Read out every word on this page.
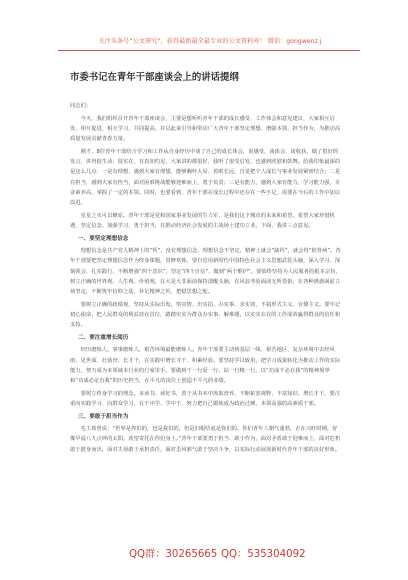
关注头条号“公文研究”，获得最新最全最专业的公文资料库！ 微信：gongwenz j
市委书记在青年干部座谈会上的讲话提纲

同志们：

今天，我们组织召开青年干部座谈会，主要是想听听青年干部的成长感受、工作体会和意见建议，大家相互启发、相互促进、相互学习、共同提高，并以此来引导和带动广大青年干部坚定理想、增强本领、担当作为，为推动高质量发展贡献青春力量。

刚才，8位青年干部结合学习和工作从自身经历中谈了自己的成长体会，说感受、谈体会、谈收获，做了很好的发言，讲得很生动、很实在，有真知灼见，大家讲的都很好，我听了很受启发，也感到欣慰和鼓舞。给我印象最深的是这么几点：一是有理想，感到大家有理想，能够胸怀大局、着眼长远，自觉把个人成长与事业发展紧密结合；二是有担当，感到大家有担当，面对困难挑战能够迎难而上，勇于负责；三是有能力，感到大家有能力，学习能力强，专业素养高，掌握了一定的本领。同时，也要看到，青年干部在成长过程中还存在一些不足，需要在今后的工作中加以改进。

星星之火可以燎原。青年干部是党和国家事业发展的生力军，是我们这个城市的未来和希望。希望大家珍惜机遇、坚定信念、加强学习、勇于担当，在推动经济社会发展的主战场上建功立业。下面，我讲三点意见。

一、要坚定理想信念

理想信念是共产党人精神上的“钙”，没有理想信念，理想信念不坚定，精神上就会“缺钙”，就会得“软骨病”。青年干部要把坚定理想信念作为终身课题，常修常炼，要自觉用新时代中国特色社会主义思想武装头脑，深入学习、深刻领会、扎实践行，不断增强“四个意识”、坚定“四个自信”、做到“两个维护”。要始终坚持为人民服务的根本宗旨，树立正确的世界观、人生观、价值观，在大是大非面前保持清醒头脑，在风浪考验面前无所畏惧，在各种诱惑面前立场坚定，不断筑牢信仰之基、补足精神之钙、把稳思想之舵。

要树立正确的政绩观，坚持从实际出发，察实情、出实招、办实事、求实效，不搞形式主义、官僚主义。要牢记初心使命，把人民群众的利益放在首位，踏踏实实为群众办实事、解难题，以实实在在的工作成效赢得群众的信任和支持。

二、要注重增长阅历

经历磨炼人，事事磨炼人，艰苦环境最能磨炼人。青年干部要主动到基层一线、艰苦地区、复杂环境中去经风雨、见世面、壮筋骨、长才干，在实践中增长才干、积累经验。要坚持学以致用，把学习成果转化为推动工作的实际能力，努力成为本领域本行业的行家里手。要做到干一行爱一行、钻一行精一行，以“功成不必在我”的精神境界和“功成必定有我”的历史担当，在平凡的岗位上创造不平凡的业绩。

要树立终身学习的理念，多读书、读好书，善于从书本中汲取营养，不断拓宽视野、丰富知识、增长才干。要注重向实践学习、向群众学习，在干中学、学中干，努力把自己锻炼成为政治过硬、本领高强的高素质干部。

三、要敢于担当作为

毛主席曾说：“世界是你们的，也是我们的，但是归根结底是你们的。你们青年人朝气蓬勃，正在兴旺时期，好像早晨八九点钟的太阳。希望寄托在你们身上。”青年干部要勇于担当、敢于作为，面对矛盾敢于迎难而上，面对危机敢于挺身而出，面对失误敢于承担责任，面对歪风邪气敢于坚决斗争，以实际行动展现新时代青年干部的良好形象。

QQ群：30265665 QQ：535304092
